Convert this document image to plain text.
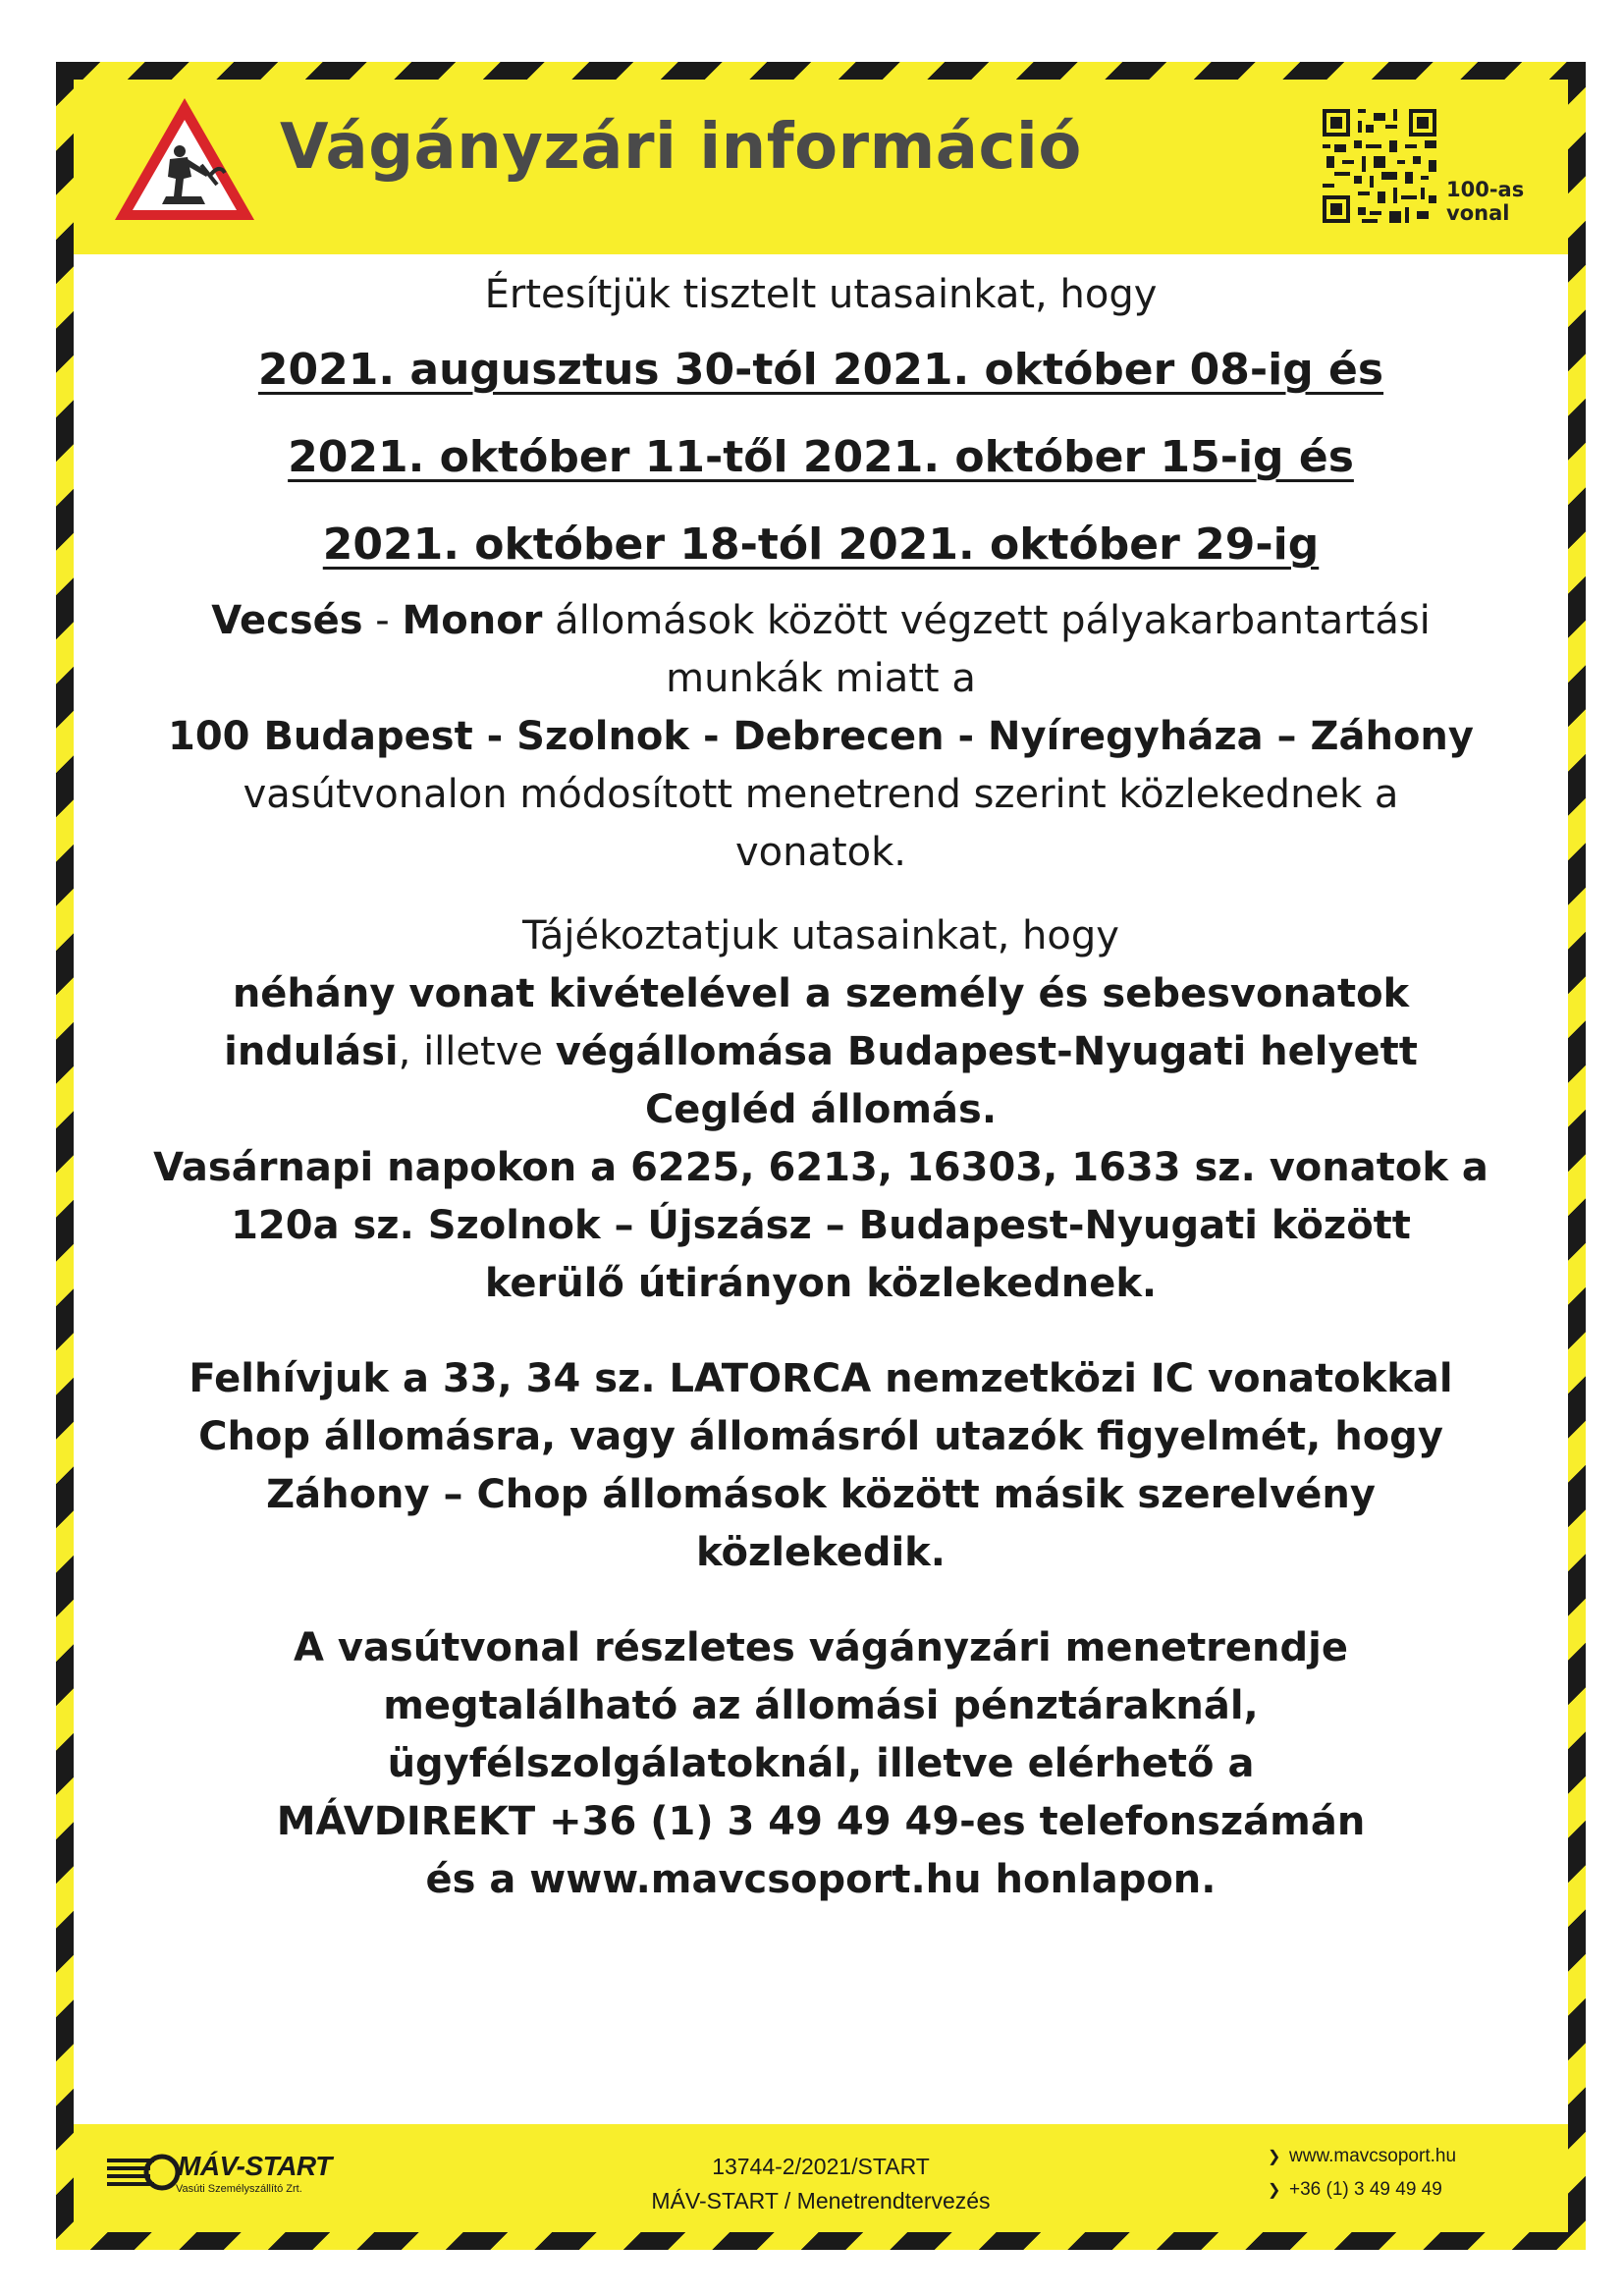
Vágányzári információ
100-as
vonal

Értesítjük tisztelt utasainkat, hogy

2021. augusztus 30-tól 2021. október 08-ig és

2021. október 11-től 2021. október 15-ig és

2021. október 18-tól 2021. október 29-ig

Vecsés - Monor állomások között végzett pályakarbantartási

munkák miatt a

100 Budapest - Szolnok - Debrecen - Nyíregyháza – Záhony

vasútvonalon módosított menetrend szerint közlekednek a

vonatok.

Tájékoztatjuk utasainkat, hogy

néhány vonat kivételével a személy és sebesvonatok

indulási, illetve végállomása Budapest-Nyugati helyett

Cegléd állomás.

Vasárnapi napokon a 6225, 6213, 16303, 1633 sz. vonatok a

120a sz. Szolnok – Újszász – Budapest-Nyugati között

kerülő útirányon közlekednek.

Felhívjuk a 33, 34 sz. LATORCA nemzetközi IC vonatokkal

Chop állomásra, vagy állomásról utazók figyelmét, hogy

Záhony – Chop állomások között másik szerelvény

közlekedik.

A vasútvonal részletes vágányzári menetrendje

megtalálható az állomási pénztáraknál,

ügyfélszolgálatoknál, illetve elérhető a

MÁVDIREKT +36 (1) 3 49 49 49-es telefonszámán

és a www.mavcsoport.hu honlapon.

MÁV-START
Vasúti Személyszállító Zrt.
13744-2/2021/START
MÁV-START / Menetrendtervezés
❯ www.mavcsoport.hu
❯ +36 (1) 3 49 49 49
